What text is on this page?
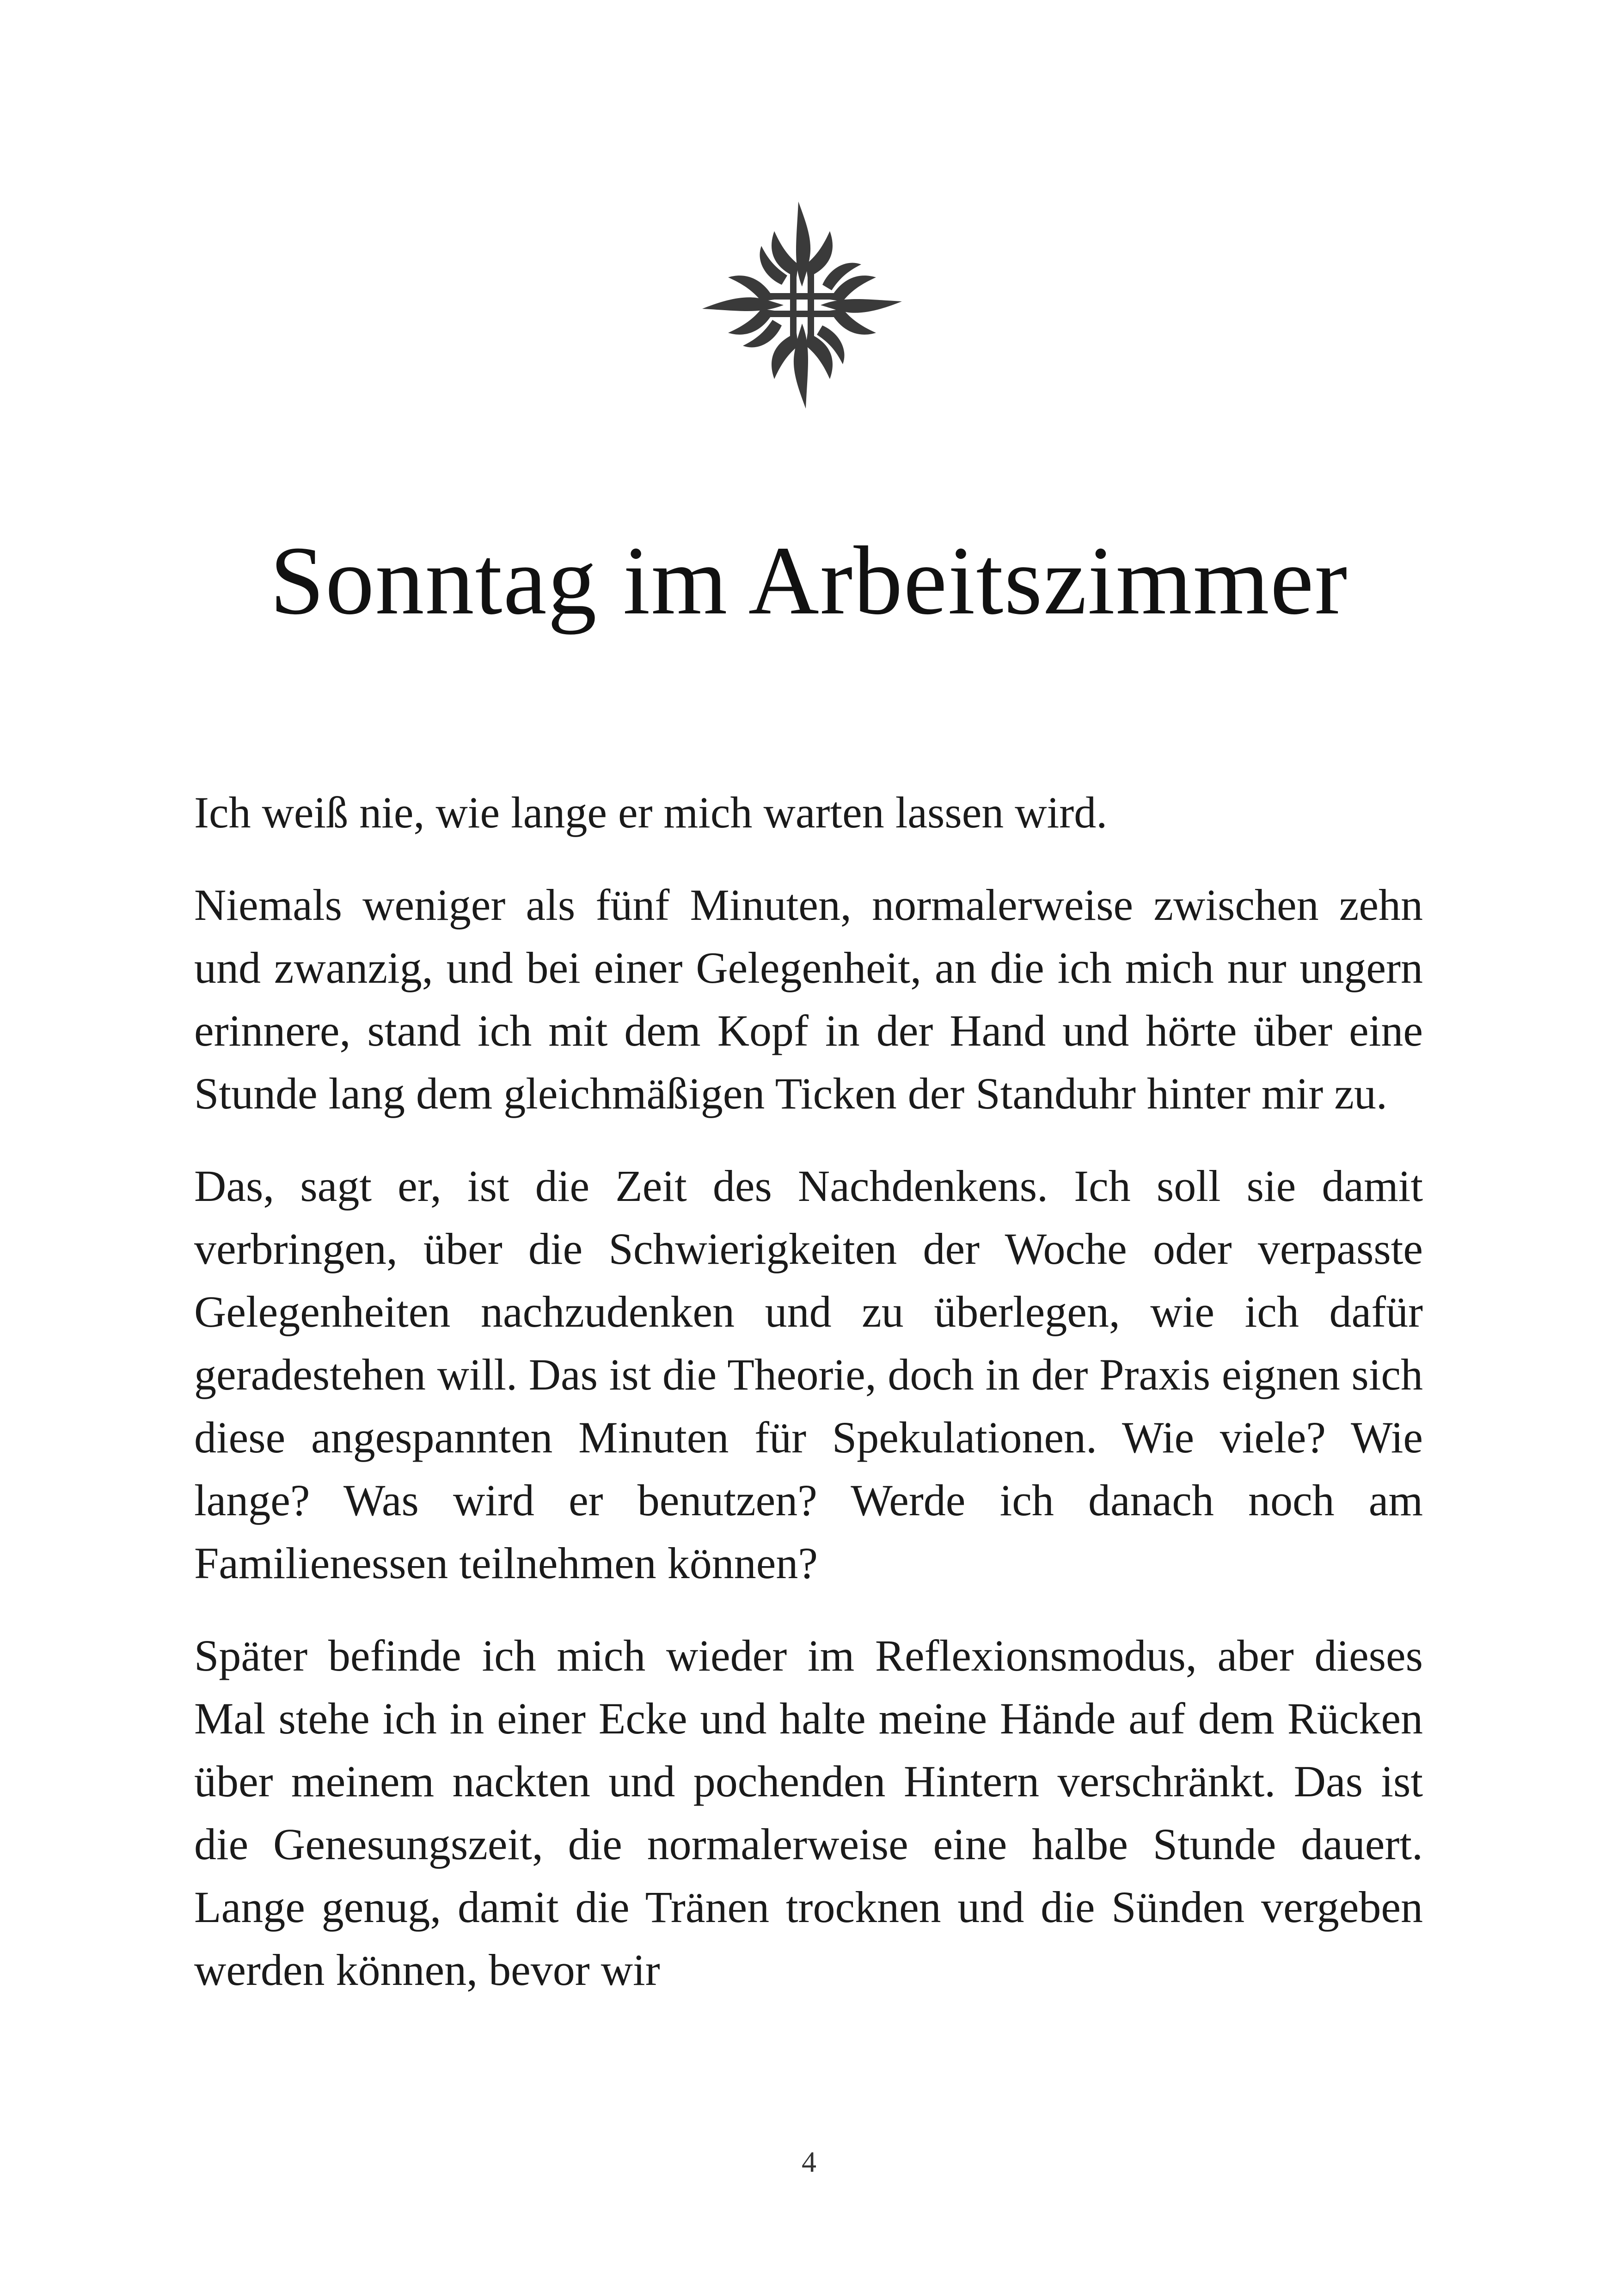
Sonntag im Arbeitszimmer

Ich weiß nie, wie lange er mich warten lassen wird.

Niemals weniger als fünf Minuten, normalerweise zwischen zehn und zwanzig, und bei einer Gelegenheit, an die ich mich nur ungern erinnere, stand ich mit dem Kopf in der Hand und hörte über eine Stunde lang dem gleichmäßigen Ticken der Standuhr hinter mir zu.

Das, sagt er, ist die Zeit des Nachdenkens. Ich soll sie damit verbringen, über die Schwierigkeiten der Woche oder verpasste Gelegenheiten nachzudenken und zu überlegen, wie ich dafür geradestehen will. Das ist die Theorie, doch in der Praxis eignen sich diese angespannten Minuten für Spekulationen. Wie viele? Wie lange? Was wird er benutzen? Werde ich danach noch am Familienessen teilnehmen können?

Später befinde ich mich wieder im Reflexionsmodus, aber dieses Mal stehe ich in einer Ecke und halte meine Hände auf dem Rücken über meinem nackten und pochenden Hintern verschränkt. Das ist die Genesungszeit, die normalerweise eine halbe Stunde dauert. Lange genug, damit die Tränen trocknen und die Sünden vergeben werden können, bevor wir

4
